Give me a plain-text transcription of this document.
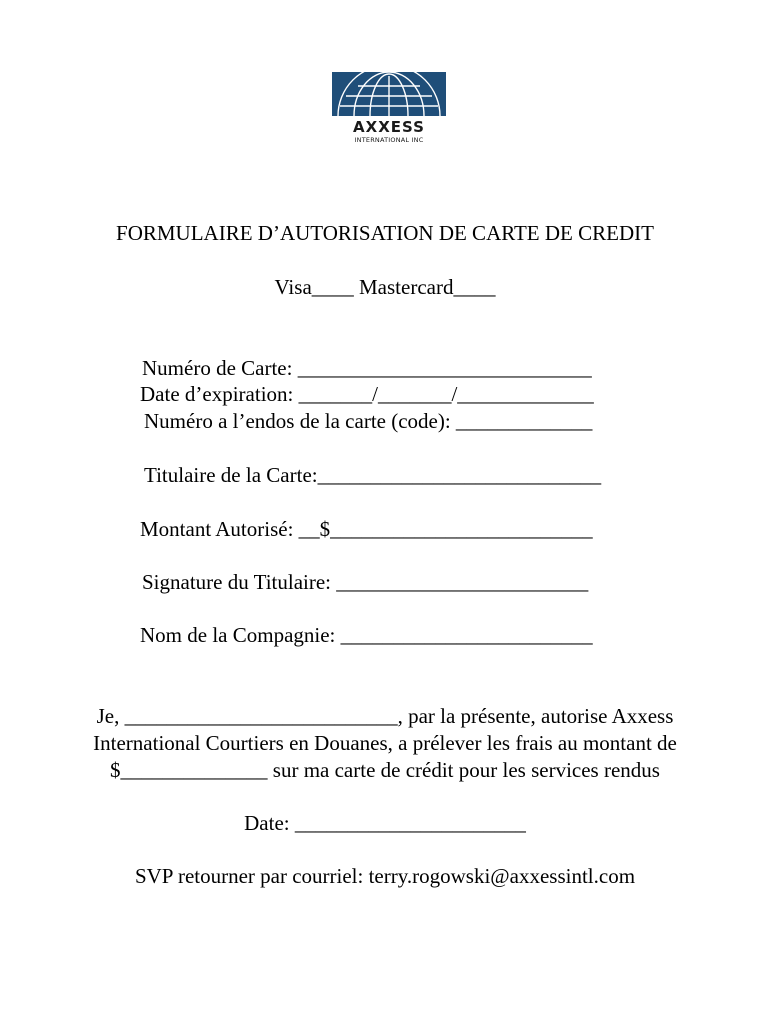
AXXESS
INTERNATIONAL INC
FORMULAIRE D’AUTORISATION DE CARTE DE CREDIT
Visa____ Mastercard____
Numéro de Carte: ____________________________
Date d’expiration: _______/_______/_____________
Numéro a l’endos de la carte (code): _____________
Titulaire de la Carte:___________________________
Montant Autorisé: __$_________________________
Signature du Titulaire: ________________________
Nom de la Compagnie: ________________________
Je, __________________________, par la présente, autorise Axxess
International Courtiers en Douanes, a prélever les frais au montant de
$______________ sur ma carte de crédit pour les services rendus
Date: ______________________
SVP retourner par courriel: terry.rogowski@axxessintl.com
